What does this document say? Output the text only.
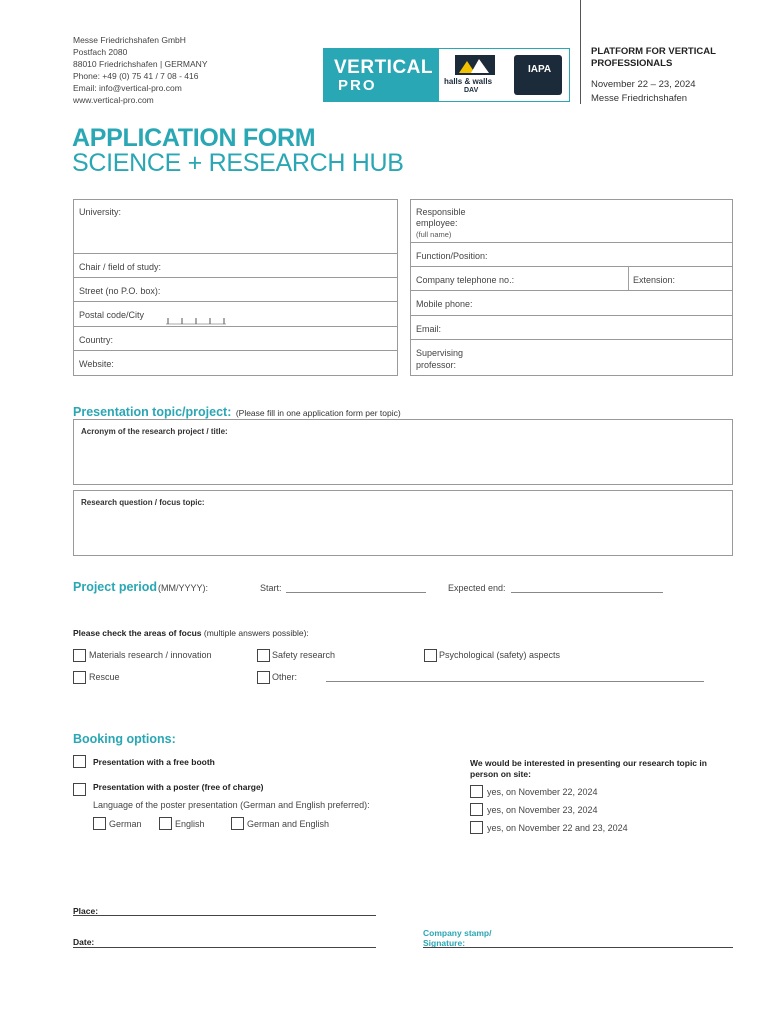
Messe Friedrichshafen GmbH
Postfach 2080
88010 Friedrichshafen | GERMANY
Phone: +49 (0) 75 41 / 7 08 - 416
Email: info@vertical-pro.com
www.vertical-pro.com
VERTICAL
PRO	halls & walls
DAV
IAPA
PLATFORM FOR VERTICAL PROFESSIONALS
November 22 – 23, 2024
Messe Friedrichshafen
APPLICATION FORM
SCIENCE + RESEARCH HUB
University:
Chair / field of study:
Street (no P.O. box):
Postal code/City
Country:
Website:
Responsible employee:
(full name)
Function/Position:
Company telephone no.:	Extension:
Mobile phone:
Email:
Supervising professor:
Presentation topic/project: (Please fill in one application form per topic)
Acronym of the research project / title:
Research question / focus topic:
Project period (MM/YYYY):	Start:	Expected end:
Please check the areas of focus (multiple answers possible):
Materials research / innovation	Safety research	Psychological (safety) aspects
Rescue	Other:
Booking options:
Presentation with a free booth
Presentation with a poster (free of charge)
Language of the poster presentation (German and English preferred):
German	English	German and English
We would be interested in presenting our research topic in person on site:
yes, on November 22, 2024
yes, on November 23, 2024
yes, on November 22 and 23, 2024
Place:
Date:
Company stamp/
Signature:
